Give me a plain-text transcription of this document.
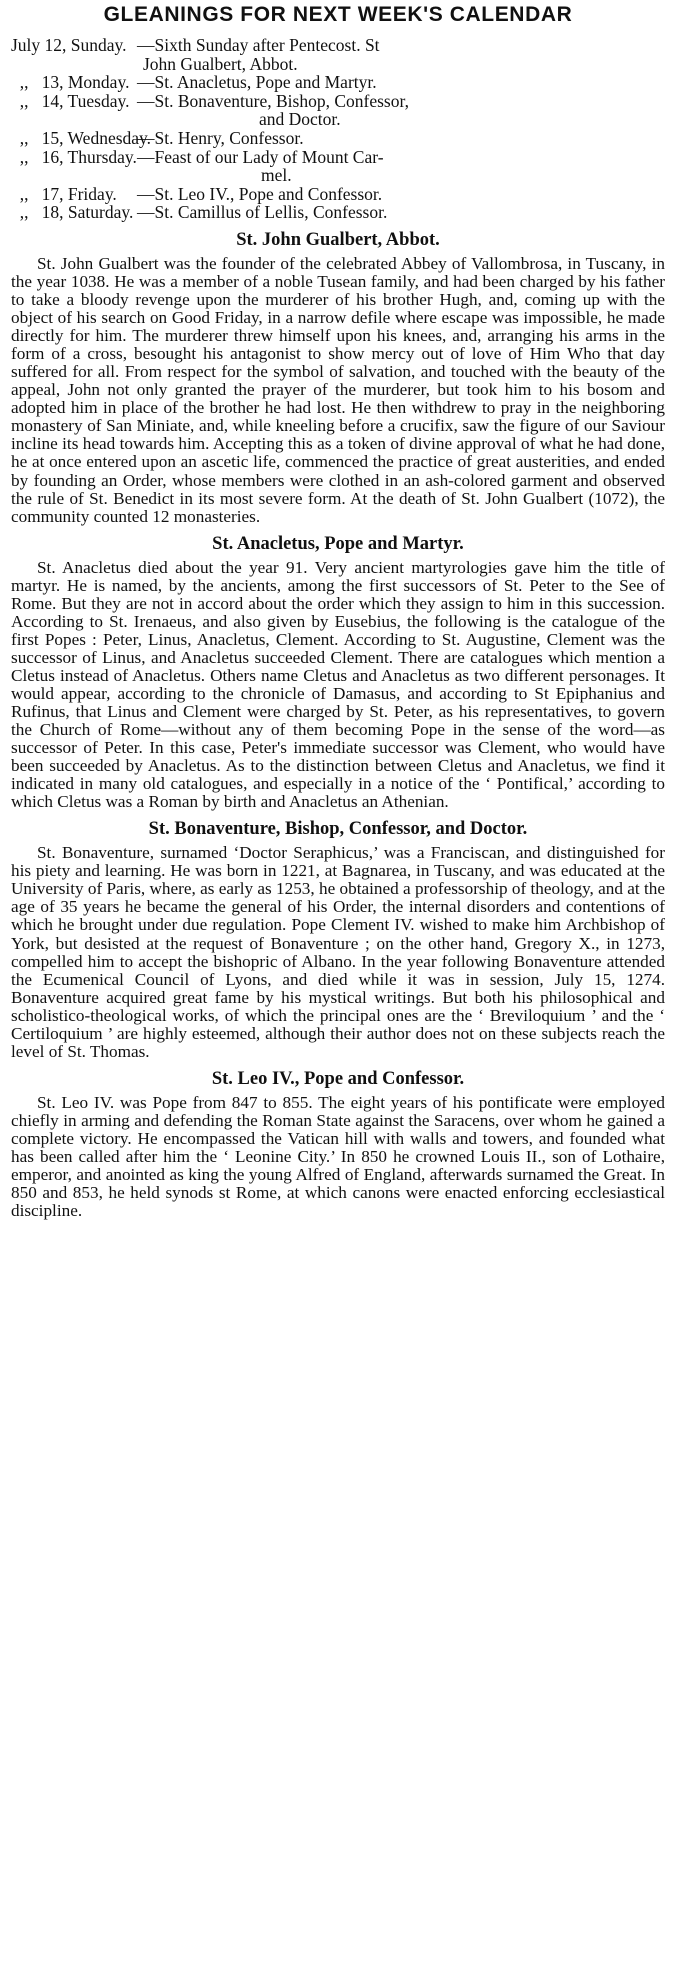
GLEANINGS FOR NEXT WEEK'S CALENDAR
July 12, Sunday. —Sixth Sunday after Pentecost. St
John Gualbert, Abbot.
,,   13, Monday. —St. Anacletus, Pope and Martyr.
,,   14, Tuesday. —St. Bonaventure, Bishop, Confessor,
and Doctor.
,,   15, Wednesday.
—St. Henry, Confessor.
,,   16, Thursday. —Feast of our Lady of Mount Car-
mel.
,,   17, Friday.	—St. Leo IV., Pope and Confessor.
,,   18, Saturday. —St. Camillus of Lellis, Confessor.
St. John Gualbert, Abbot.

St. John Gualbert was the founder of the celebrated Abbey of Vallombrosa, in Tuscany, in the year 1038. He was a member of a noble Tusean family, and had been charged by his father to take a bloody revenge upon the murderer of his brother Hugh, and, coming up with the object of his search on Good Friday, in a narrow defile where escape was impossible, he made directly for him. The murderer threw himself upon his knees, and, arranging his arms in the form of a cross, besought his antagonist to show mercy out of love of Him Who that day suffered for all. From respect for the symbol of salvation, and touched with the beauty of the appeal, John not only granted the prayer of the murderer, but took him to his bosom and adopted him in place of the brother he had lost. He then withdrew to pray in the neighboring monastery of San Miniate, and, while kneeling before a crucifix, saw the figure of our Saviour incline its head towards him. Accepting this as a token of divine approval of what he had done, he at once entered upon an ascetic life, commenced the practice of great austerities, and ended by founding an Order, whose members were clothed in an ash-colored garment and observed the rule of St. Benedict in its most severe form. At the death of St. John Gualbert (1072), the community counted 12 monasteries.

St. Anacletus, Pope and Martyr.

St. Anacletus died about the year 91. Very ancient martyrologies gave him the title of martyr. He is named, by the ancients, among the first successors of St. Peter to the See of Rome. But they are not in accord about the order which they assign to him in this succession. According to St. Irenaeus, and also given by Eusebius, the following is the catalogue of the first Popes : Peter, Linus, Anacletus, Clement. According to St. Augustine, Clement was the successor of Linus, and Anacletus succeeded Clement. There are catalogues which mention a Cletus instead of Anacletus. Others name Cletus and Anacletus as two different personages. It would appear, according to the chronicle of Damasus, and according to St Epiphanius and Rufinus, that Linus and Clement were charged by St. Peter, as his representatives, to govern the Church of Rome—without any of them becoming Pope in the sense of the word—as successor of Peter. In this case, Peter's immediate successor was Clement, who would have been succeeded by Anacletus. As to the distinction between Cletus and Anacletus, we find it indicated in many old catalogues, and especially in a notice of the ‘ Pontifical,’ according to which Cletus was a Roman by birth and Anacletus an Athenian.

St. Bonaventure, Bishop, Confessor, and Doctor.

St. Bonaventure, surnamed ‘Doctor Seraphicus,’ was a Franciscan, and distinguished for his piety and learning. He was born in 1221, at Bagnarea, in Tuscany, and was educated at the University of Paris, where, as early as 1253, he obtained a professorship of theology, and at the age of 35 years he became the general of his Order, the internal disorders and contentions of which he brought under due regulation. Pope Clement IV. wished to make him Archbishop of York, but desisted at the request of Bonaventure ; on the other hand, Gregory X., in 1273, compelled him to accept the bishopric of Albano. In the year following Bonaventure attended the Ecumenical Council of Lyons, and died while it was in session, July 15, 1274. Bonaventure acquired great fame by his mystical writings. But both his philosophical and scholistico-theological works, of which the principal ones are the ‘ Breviloquium ’ and the ‘ Certiloquium ’ are highly esteemed, although their author does not on these subjects reach the level of St. Thomas.

St. Leo IV., Pope and Confessor.

St. Leo IV. was Pope from 847 to 855. The eight years of his pontificate were employed chiefly in arming and defending the Roman State against the Saracens, over whom he gained a complete victory. He encompassed the Vatican hill with walls and towers, and founded what has been called after him the ‘ Leonine City.’ In 850 he crowned Louis II., son of Lothaire, emperor, and anointed as king the young Alfred of England, afterwards surnamed the Great. In 850 and 853, he held synods st Rome, at which canons were enacted enforcing ecclesiastical discipline.
